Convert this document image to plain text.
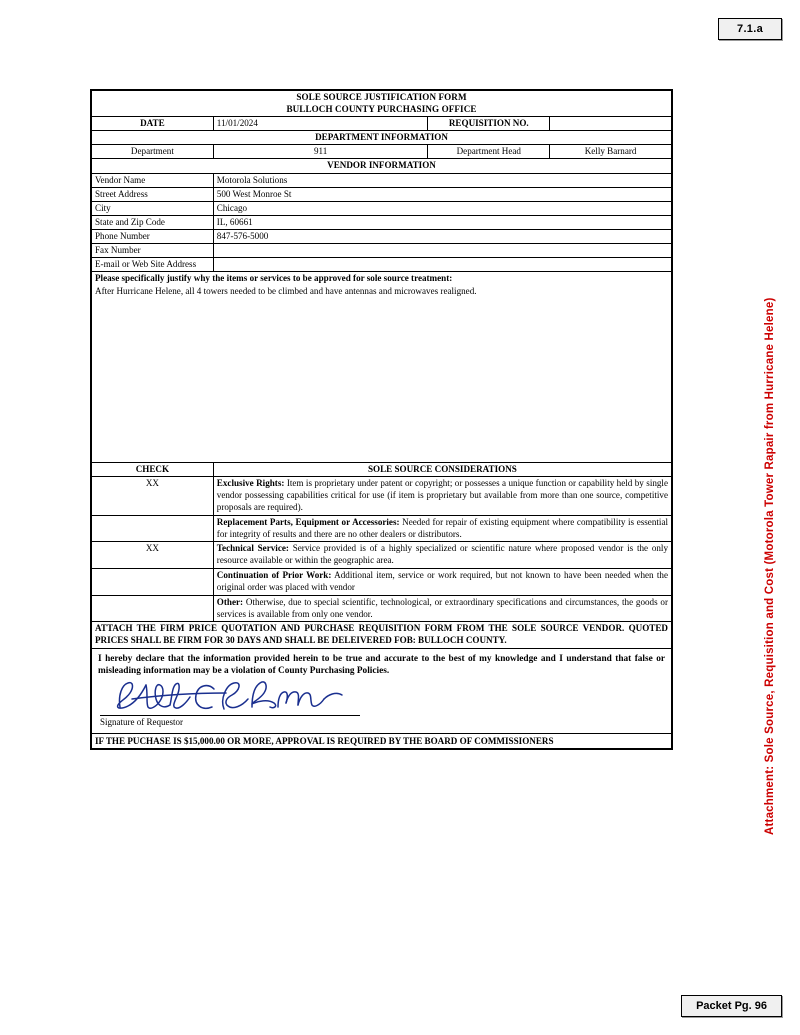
7.1.a
Attachment: Sole Source, Requisition and Cost (Motorola Tower Rapair from Hurricane Helene)
SOLE SOURCE JUSTIFICATION FORM			
BULLOCH COUNTY PURCHASING OFFICE			
DATE	11/01/2024	REQUISITION NO.	
DEPARTMENT INFORMATION			
Department	911	Department Head	Kelly Barnard
VENDOR INFORMATION			
Vendor Name	Motorola Solutions		
Street Address	500 West Monroe St		
City	Chicago		
State and Zip Code	IL, 60661		
Phone Number	847-576-5000		
Fax Number			
E-mail or Web Site Address			
Please specifically justify why the items or services to be approved for sole source treatment:			
After Hurricane Helene, all 4 towers needed to be climbed and have antennas and microwaves realigned.			
CHECK	SOLE SOURCE CONSIDERATIONS		
XX	Exclusive Rights: Item is proprietary under patent or copyright; or possesses a unique function or capability held by single vendor possessing capabilities critical for use (if item is proprietary but available from more than one source, competitive proposals are required).		
	Replacement Parts, Equipment or Accessories: Needed for repair of existing equipment where compatibility is essential for integrity of results and there are no other dealers or distributors.		
XX	Technical Service: Service provided is of a highly specialized or scientific nature where proposed vendor is the only resource available or within the geographic area.		
	Continuation of Prior Work: Additional item, service or work required, but not known to have been needed when the original order was placed with vendor		
	Other: Otherwise, due to special scientific, technological, or extraordinary specifications and circumstances, the goods or services is available from only one vendor.		
ATTACH THE FIRM PRICE QUOTATION AND PURCHASE REQUISITION FORM FROM THE SOLE SOURCE VENDOR. QUOTED PRICES SHALL BE FIRM FOR 30 DAYS AND SHALL BE DELEIVERED FOB: BULLOCH COUNTY.			

I hereby declare that the information provided herein to be true and accurate to the best of my knowledge and I understand that false or misleading information may be a violation of County Purchasing Policies.
Signature of Requestor			

IF THE PUCHASE IS $15,000.00 OR MORE, APPROVAL IS REQUIRED BY THE BOARD OF COMMISSIONERS			
Packet Pg. 96
